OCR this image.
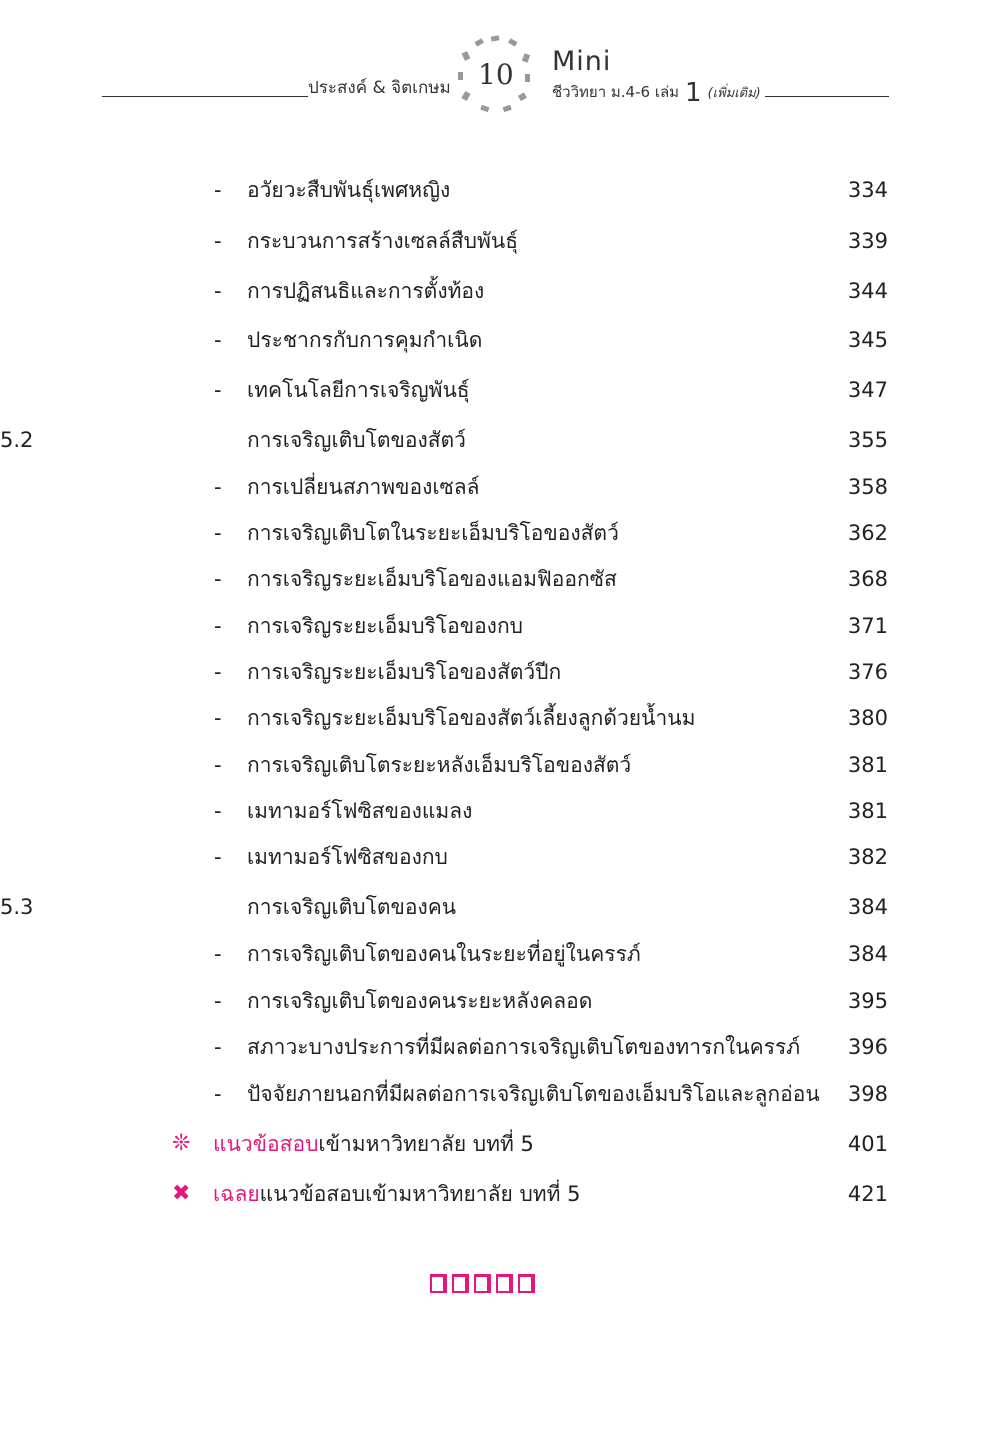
ประสงค์ & จิตเกษม 10 Mini
ชีววิทยา ม.4-6 เล่ม 1 (เพิ่มเติม)
- อวัยวะสืบพันธุ์เพศหญิง	334
- กระบวนการสร้างเซลล์สืบพันธุ์	339
- การปฏิสนธิและการตั้งท้อง	344
- ประชากรกับการคุมกำเนิด	345
- เทคโนโลยีการเจริญพันธุ์	347
5.2	การเจริญเติบโตของสัตว์	355
- การเปลี่ยนสภาพของเซลล์	358
- การเจริญเติบโตในระยะเอ็มบริโอของสัตว์	362
- การเจริญระยะเอ็มบริโอของแอมฟิออกซัส	368
- การเจริญระยะเอ็มบริโอของกบ	371
- การเจริญระยะเอ็มบริโอของสัตว์ปีก	376
- การเจริญระยะเอ็มบริโอของสัตว์เลี้ยงลูกด้วยน้ำนม	380
- การเจริญเติบโตระยะหลังเอ็มบริโอของสัตว์	381
- เมทามอร์โฟซิสของแมลง	381
- เมทามอร์โฟซิสของกบ	382
5.3	การเจริญเติบโตของคน	384
- การเจริญเติบโตของคนในระยะที่อยู่ในครรภ์	384
- การเจริญเติบโตของคนระยะหลังคลอด	395
- สภาวะบางประการที่มีผลต่อการเจริญเติบโตของทารกในครรภ์ 396
- ปัจจัยภายนอกที่มีผลต่อการเจริญเติบโตของเอ็มบริโอและลูกอ่อน 398
❊ แนวข้อสอบเข้ามหาวิทยาลัย บทที่ 5	401
✖ เฉลยแนวข้อสอบเข้ามหาวิทยาลัย บทที่ 5	421
